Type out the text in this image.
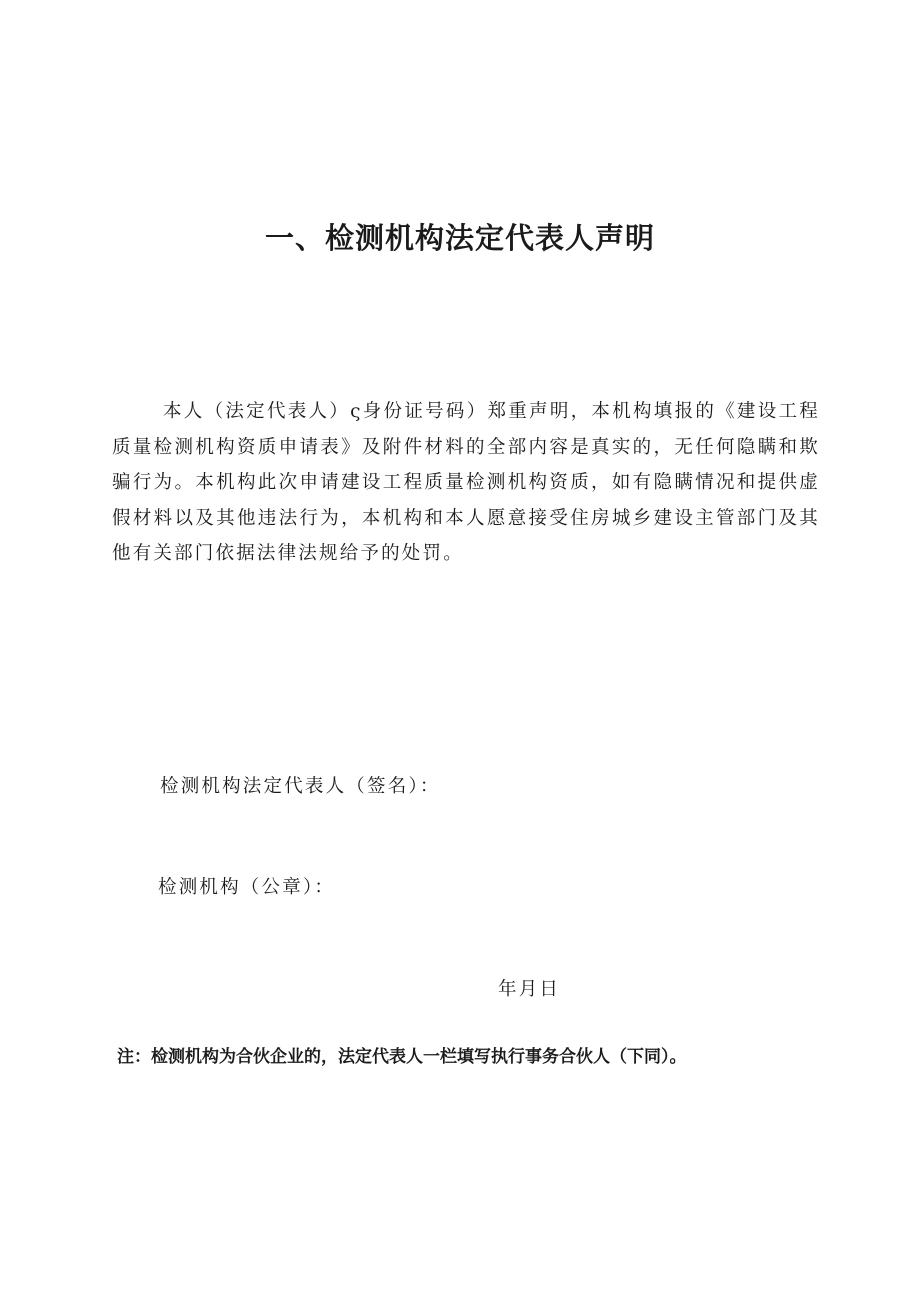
一、检测机构法定代表人声明

本人（法定代表人）ς身份证号码）郑重声明，本机构填报的《建设工程质量检测机构资质申请表》及附件材料的全部内容是真实的，无任何隐瞒和欺骗行为。本机构此次申请建设工程质量检测机构资质，如有隐瞒情况和提供虚假材料以及其他违法行为，本机构和本人愿意接受住房城乡建设主管部门及其他有关部门依据法律法规给予的处罚。

检测机构法定代表人（签名）：
检测机构（公章）：
年月日
注：检测机构为合伙企业的，法定代表人一栏填写执行事务合伙人（下同）。
